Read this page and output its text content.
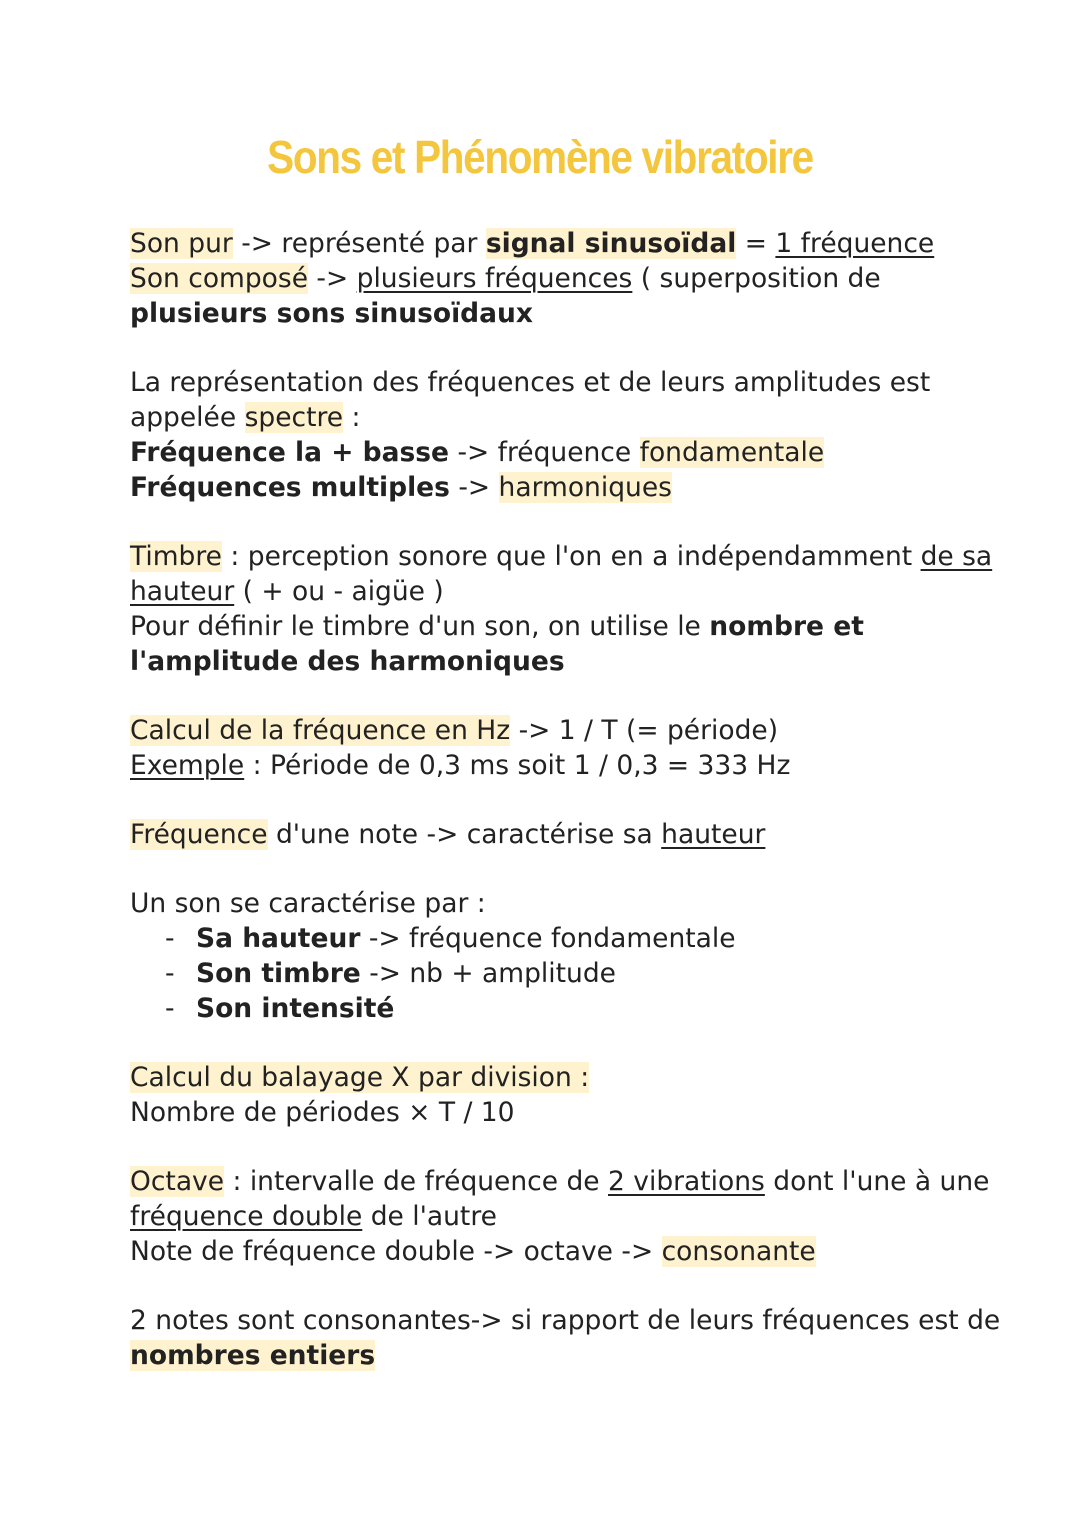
Sons et Phénomène vibratoire

Son pur -> représenté par signal sinusoïdal = 1 fréquence
Son composé -> plusieurs fréquences ( superposition de plusieurs sons sinusoïdaux

La représentation des fréquences et de leurs amplitudes est appelée spectre :
Fréquence la + basse -> fréquence fondamentale
Fréquences multiples -> harmoniques

Timbre : perception sonore que l'on en a indépendamment de sa hauteur ( + ou - aigüe )
Pour définir le timbre d'un son, on utilise le nombre et l'amplitude des harmoniques

Calcul de la fréquence en Hz -> 1 / T (= période)
Exemple : Période de 0,3 ms soit 1 / 0,3 = 333 Hz

Fréquence d'une note -> caractérise sa hauteur

Un son se caractérise par :
- Sa hauteur -> fréquence fondamentale
- Son timbre -> nb + amplitude
- Son intensité

Calcul du balayage X par division :
Nombre de périodes × T / 10

Octave : intervalle de fréquence de 2 vibrations dont l'une à une fréquence double de l'autre
Note de fréquence double -> octave -> consonante

2 notes sont consonantes-> si rapport de leurs fréquences est de nombres entiers
